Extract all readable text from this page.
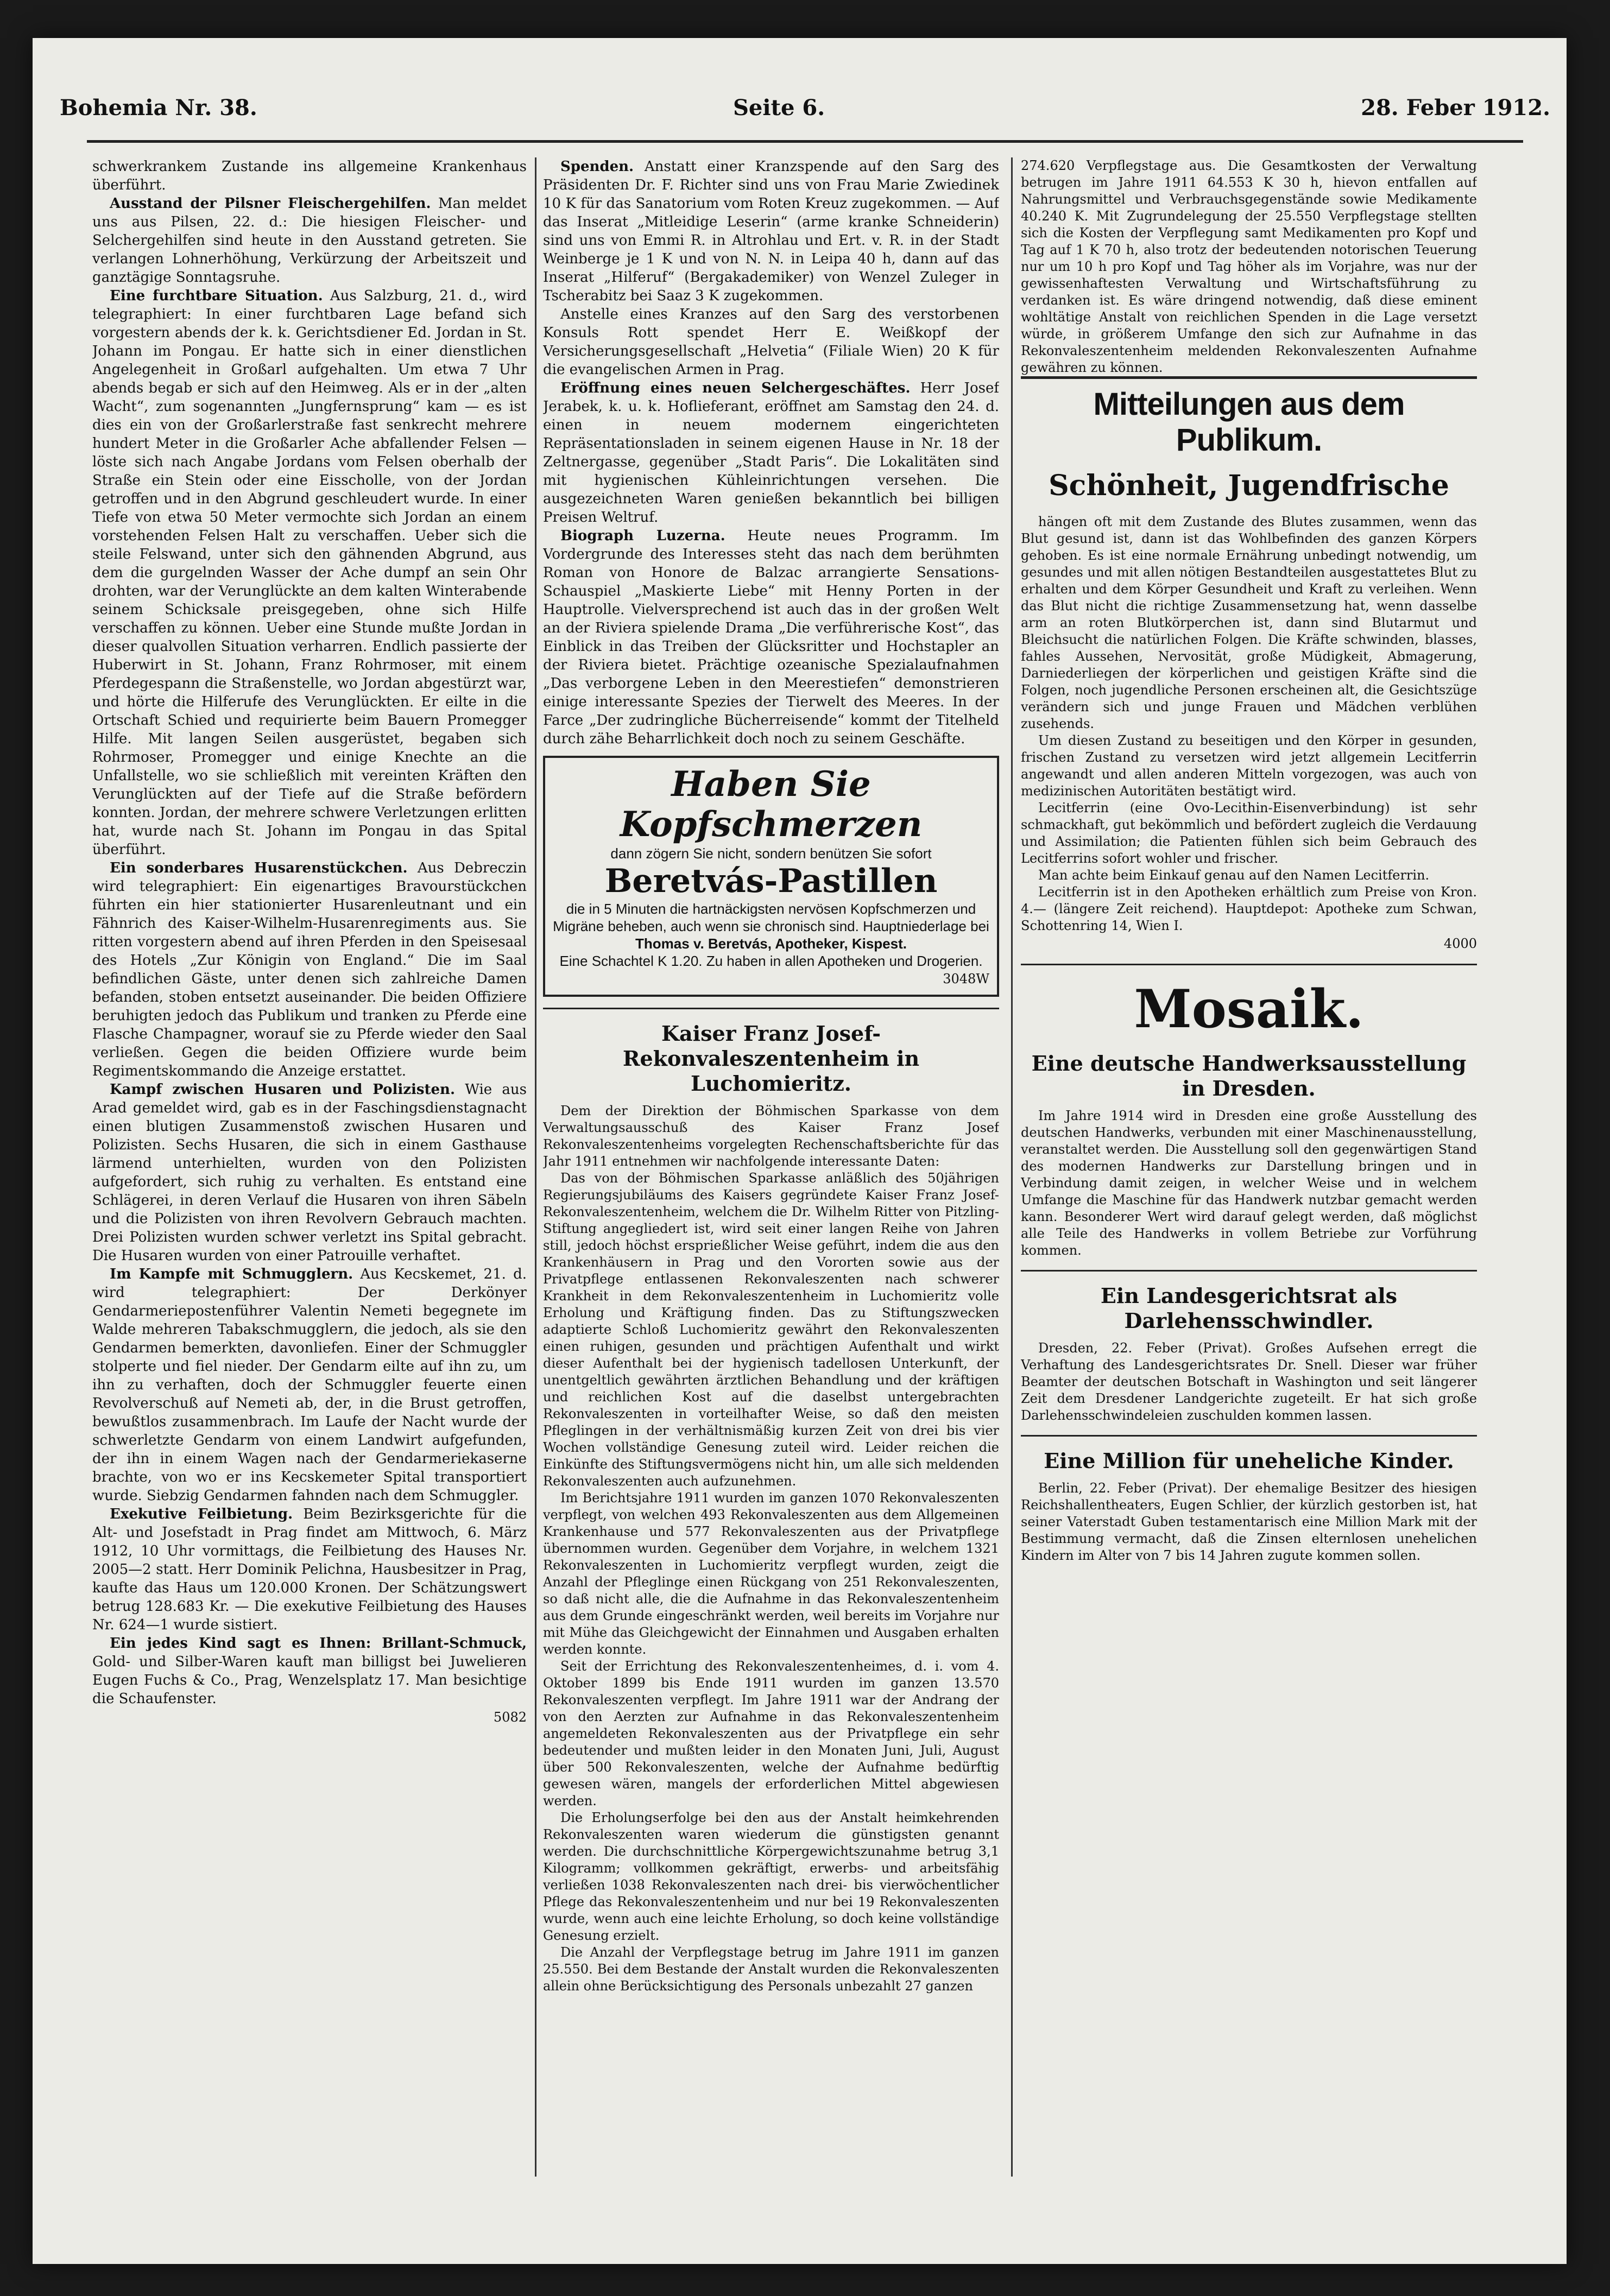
Bohemia Nr. 38.	Seite 6.	28. Feber 1912.

schwerkrankem Zustande ins allgemeine Krankenhaus überführt.

Ausstand der Pilsner Fleischergehilfen. Man meldet uns aus Pilsen, 22. d.: Die hiesigen Fleischer- und Selchergehilfen sind heute in den Ausstand getreten. Sie verlangen Lohnerhöhung, Verkürzung der Arbeitszeit und ganztägige Sonntagsruhe.

Eine furchtbare Situation. Aus Salzburg, 21. d., wird telegraphiert: In einer furchtbaren Lage befand sich vorgestern abends der k. k. Gerichtsdiener Ed. Jordan in St. Johann im Pongau. Er hatte sich in einer dienstlichen Angelegenheit in Großarl aufgehalten. Um etwa 7 Uhr abends begab er sich auf den Heimweg. Als er in der „alten Wacht“, zum sogenannten „Jungfernsprung“ kam — es ist dies ein von der Großarlerstraße fast senkrecht mehrere hundert Meter in die Großarler Ache abfallender Felsen — löste sich nach Angabe Jordans vom Felsen oberhalb der Straße ein Stein oder eine Eisscholle, von der Jordan getroffen und in den Abgrund geschleudert wurde. In einer Tiefe von etwa 50 Meter vermochte sich Jordan an einem vorstehenden Felsen Halt zu verschaffen. Ueber sich die steile Felswand, unter sich den gähnenden Abgrund, aus dem die gurgelnden Wasser der Ache dumpf an sein Ohr drohten, war der Verunglückte an dem kalten Winterabende seinem Schicksale preisgegeben, ohne sich Hilfe verschaffen zu können. Ueber eine Stunde mußte Jordan in dieser qualvollen Situation verharren. Endlich passierte der Huberwirt in St. Johann, Franz Rohrmoser, mit einem Pferdegespann die Straßenstelle, wo Jordan abgestürzt war, und hörte die Hilferufe des Verunglückten. Er eilte in die Ortschaft Schied und requirierte beim Bauern Promegger Hilfe. Mit langen Seilen ausgerüstet, begaben sich Rohrmoser, Promegger und einige Knechte an die Unfallstelle, wo sie schließlich mit vereinten Kräften den Verunglückten auf der Tiefe auf die Straße befördern konnten. Jordan, der mehrere schwere Verletzungen erlitten hat, wurde nach St. Johann im Pongau in das Spital überführt.

Ein sonderbares Husarenstückchen. Aus Debreczin wird telegraphiert: Ein eigenartiges Bravourstückchen führten ein hier stationierter Husarenleutnant und ein Fähnrich des Kaiser-Wilhelm-Husarenregiments aus. Sie ritten vorgestern abend auf ihren Pferden in den Speisesaal des Hotels „Zur Königin von England.“ Die im Saal befindlichen Gäste, unter denen sich zahlreiche Damen befanden, stoben entsetzt auseinander. Die beiden Offiziere beruhigten jedoch das Publikum und tranken zu Pferde eine Flasche Champagner, worauf sie zu Pferde wieder den Saal verließen. Gegen die beiden Offiziere wurde beim Regimentskommando die Anzeige erstattet.

Kampf zwischen Husaren und Polizisten. Wie aus Arad gemeldet wird, gab es in der Faschingsdienstagnacht einen blutigen Zusammenstoß zwischen Husaren und Polizisten. Sechs Husaren, die sich in einem Gasthause lärmend unterhielten, wurden von den Polizisten aufgefordert, sich ruhig zu verhalten. Es entstand eine Schlägerei, in deren Verlauf die Husaren von ihren Säbeln und die Polizisten von ihren Revolvern Gebrauch machten. Drei Polizisten wurden schwer verletzt ins Spital gebracht. Die Husaren wurden von einer Patrouille verhaftet.

Im Kampfe mit Schmugglern. Aus Kecskemet, 21. d. wird telegraphiert: Der Derkönyer Gendarmeriepostenführer Valentin Nemeti begegnete im Walde mehreren Tabakschmugglern, die jedoch, als sie den Gendarmen bemerkten, davonliefen. Einer der Schmuggler stolperte und fiel nieder. Der Gendarm eilte auf ihn zu, um ihn zu verhaften, doch der Schmuggler feuerte einen Revolverschuß auf Nemeti ab, der, in die Brust getroffen, bewußtlos zusammenbrach. Im Laufe der Nacht wurde der schwerletzte Gendarm von einem Landwirt aufgefunden, der ihn in einem Wagen nach der Gendarmeriekaserne brachte, von wo er ins Kecskemeter Spital transportiert wurde. Siebzig Gendarmen fahnden nach dem Schmuggler.

Exekutive Feilbietung. Beim Bezirksgerichte für die Alt- und Josefstadt in Prag findet am Mittwoch, 6. März 1912, 10 Uhr vormittags, die Feilbietung des Hauses Nr. 2005—2 statt. Herr Dominik Pelichna, Hausbesitzer in Prag, kaufte das Haus um 120.000 Kronen. Der Schätzungswert betrug 128.683 Kr. — Die exekutive Feilbietung des Hauses Nr. 624—1 wurde sistiert.

Ein jedes Kind sagt es Ihnen: Brillant-Schmuck, Gold- und Silber-Waren kauft man billigst bei Juwelieren Eugen Fuchs & Co., Prag, Wenzelsplatz 17. Man besichtige die Schaufenster.

5082

Spenden. Anstatt einer Kranzspende auf den Sarg des Präsidenten Dr. F. Richter sind uns von Frau Marie Zwiedinek 10 K für das Sanatorium vom Roten Kreuz zugekommen. — Auf das Inserat „Mitleidige Leserin“ (arme kranke Schneiderin) sind uns von Emmi R. in Altrohlau und Ert. v. R. in der Stadt Weinberge je 1 K und von N. N. in Leipa 40 h, dann auf das Inserat „Hilferuf“ (Bergakademiker) von Wenzel Zuleger in Tscherabitz bei Saaz 3 K zugekommen.

Anstelle eines Kranzes auf den Sarg des verstorbenen Konsuls Rott spendet Herr E. Weißkopf der Versicherungsgesellschaft „Helvetia“ (Filiale Wien) 20 K für die evangelischen Armen in Prag.

Eröffnung eines neuen Selchergeschäftes. Herr Josef Jerabek, k. u. k. Hoflieferant, eröffnet am Samstag den 24. d. einen in neuem modernem eingerichteten Repräsentationsladen in seinem eigenen Hause in Nr. 18 der Zeltnergasse, gegenüber „Stadt Paris“. Die Lokalitäten sind mit hygienischen Kühleinrichtungen versehen. Die ausgezeichneten Waren genießen bekanntlich bei billigen Preisen Weltruf.

Biograph Luzerna. Heute neues Programm. Im Vordergrunde des Interesses steht das nach dem berühmten Roman von Honore de Balzac arrangierte Sensations-Schauspiel „Maskierte Liebe“ mit Henny Porten in der Hauptrolle. Vielversprechend ist auch das in der großen Welt an der Riviera spielende Drama „Die verführerische Kost“, das Einblick in das Treiben der Glücksritter und Hochstapler an der Riviera bietet. Prächtige ozeanische Spezialaufnahmen „Das verborgene Leben in den Meerestiefen“ demonstrieren einige interessante Spezies der Tierwelt des Meeres. In der Farce „Der zudringliche Bücherreisende“ kommt der Titelheld durch zähe Beharrlichkeit doch noch zu seinem Geschäfte.

Haben Sie Kopfschmerzen
dann zögern Sie nicht, sondern benützen Sie sofort
Beretvás-Pastillen
die in 5 Minuten die hartnäckigsten nervösen Kopfschmerzen und Migräne beheben, auch wenn sie chronisch sind. Hauptniederlage bei
Thomas v. Beretvás, Apotheker, Kispest.
Eine Schachtel K 1.20. Zu haben in allen Apotheken und Drogerien.
3048W
Kaiser Franz Josef-Rekonvaleszentenheim in Luchomieritz.

Dem der Direktion der Böhmischen Sparkasse von dem Verwaltungsausschuß des Kaiser Franz Josef Rekonvaleszentenheims vorgelegten Rechenschaftsberichte für das Jahr 1911 entnehmen wir nachfolgende interessante Daten:

Das von der Böhmischen Sparkasse anläßlich des 50jährigen Regierungsjubiläums des Kaisers gegründete Kaiser Franz Josef-Rekonvaleszentenheim, welchem die Dr. Wilhelm Ritter von Pitzling-Stiftung angegliedert ist, wird seit einer langen Reihe von Jahren still, jedoch höchst ersprießlicher Weise geführt, indem die aus den Krankenhäusern in Prag und den Vororten sowie aus der Privatpflege entlassenen Rekonvaleszenten nach schwerer Krankheit in dem Rekonvaleszentenheim in Luchomieritz volle Erholung und Kräftigung finden. Das zu Stiftungszwecken adaptierte Schloß Luchomieritz gewährt den Rekonvaleszenten einen ruhigen, gesunden und prächtigen Aufenthalt und wirkt dieser Aufenthalt bei der hygienisch tadellosen Unterkunft, der unentgeltlich gewährten ärztlichen Behandlung und der kräftigen und reichlichen Kost auf die daselbst untergebrachten Rekonvaleszenten in vorteilhafter Weise, so daß den meisten Pfleglingen in der verhältnismäßig kurzen Zeit von drei bis vier Wochen vollständige Genesung zuteil wird. Leider reichen die Einkünfte des Stiftungsvermögens nicht hin, um alle sich meldenden Rekonvaleszenten auch aufzunehmen.

Im Berichtsjahre 1911 wurden im ganzen 1070 Rekonvaleszenten verpflegt, von welchen 493 Rekonvaleszenten aus dem Allgemeinen Krankenhause und 577 Rekonvaleszenten aus der Privatpflege übernommen wurden. Gegenüber dem Vorjahre, in welchem 1321 Rekonvaleszenten in Luchomieritz verpflegt wurden, zeigt die Anzahl der Pfleglinge einen Rückgang von 251 Rekonvaleszenten, so daß nicht alle, die die Aufnahme in das Rekonvaleszentenheim aus dem Grunde eingeschränkt werden, weil bereits im Vorjahre nur mit Mühe das Gleichgewicht der Einnahmen und Ausgaben erhalten werden konnte.

Seit der Errichtung des Rekonvaleszentenheimes, d. i. vom 4. Oktober 1899 bis Ende 1911 wurden im ganzen 13.570 Rekonvaleszenten verpflegt. Im Jahre 1911 war der Andrang der von den Aerzten zur Aufnahme in das Rekonvaleszentenheim angemeldeten Rekonvaleszenten aus der Privatpflege ein sehr bedeutender und mußten leider in den Monaten Juni, Juli, August über 500 Rekonvaleszenten, welche der Aufnahme bedürftig gewesen wären, mangels der erforderlichen Mittel abgewiesen werden.

Die Erholungserfolge bei den aus der Anstalt heimkehrenden Rekonvaleszenten waren wiederum die günstigsten genannt werden. Die durchschnittliche Körpergewichtszunahme betrug 3,1 Kilogramm; vollkommen gekräftigt, erwerbs- und arbeitsfähig verließen 1038 Rekonvaleszenten nach drei- bis vierwöchentlicher Pflege das Rekonvaleszentenheim und nur bei 19 Rekonvaleszenten wurde, wenn auch eine leichte Erholung, so doch keine vollständige Genesung erzielt.

Die Anzahl der Verpflegstage betrug im Jahre 1911 im ganzen 25.550. Bei dem Bestande der Anstalt wurden die Rekonvaleszenten allein ohne Berücksichtigung des Personals unbezahlt 27 ganzen

274.620 Verpflegstage aus. Die Gesamtkosten der Verwaltung betrugen im Jahre 1911 64.553 K 30 h, hievon entfallen auf Nahrungsmittel und Verbrauchsgegenstände sowie Medikamente 40.240 K. Mit Zugrundelegung der 25.550 Verpflegstage stellten sich die Kosten der Verpflegung samt Medikamenten pro Kopf und Tag auf 1 K 70 h, also trotz der bedeutenden notorischen Teuerung nur um 10 h pro Kopf und Tag höher als im Vorjahre, was nur der gewissenhaftesten Verwaltung und Wirtschaftsführung zu verdanken ist. Es wäre dringend notwendig, daß diese eminent wohltätige Anstalt von reichlichen Spenden in die Lage versetzt würde, in größerem Umfange den sich zur Aufnahme in das Rekonvaleszentenheim meldenden Rekonvaleszenten Aufnahme gewähren zu können.

Mitteilungen aus dem Publikum.
Schönheit, Jugendfrische

hängen oft mit dem Zustande des Blutes zusammen, wenn das Blut gesund ist, dann ist das Wohlbefinden des ganzen Körpers gehoben. Es ist eine normale Ernährung unbedingt notwendig, um gesundes und mit allen nötigen Bestandteilen ausgestattetes Blut zu erhalten und dem Körper Gesundheit und Kraft zu verleihen. Wenn das Blut nicht die richtige Zusammensetzung hat, wenn dasselbe arm an roten Blutkörperchen ist, dann sind Blutarmut und Bleichsucht die natürlichen Folgen. Die Kräfte schwinden, blasses, fahles Aussehen, Nervosität, große Müdigkeit, Abmagerung, Darniederliegen der körperlichen und geistigen Kräfte sind die Folgen, noch jugendliche Personen erscheinen alt, die Gesichtszüge verändern sich und junge Frauen und Mädchen verblühen zusehends.

Um diesen Zustand zu beseitigen und den Körper in gesunden, frischen Zustand zu versetzen wird jetzt allgemein Lecitferrin angewandt und allen anderen Mitteln vorgezogen, was auch von medizinischen Autoritäten bestätigt wird.

Lecitferrin (eine Ovo-Lecithin-Eisenverbindung) ist sehr schmackhaft, gut bekömmlich und befördert zugleich die Verdauung und Assimilation; die Patienten fühlen sich beim Gebrauch des Lecitferrins sofort wohler und frischer.

Man achte beim Einkauf genau auf den Namen Lecitferrin.

Lecitferrin ist in den Apotheken erhältlich zum Preise von Kron. 4.— (längere Zeit reichend). Hauptdepot: Apotheke zum Schwan, Schottenring 14, Wien I.

4000
Mosaik.
Eine deutsche Handwerksausstellung in Dresden.

Im Jahre 1914 wird in Dresden eine große Ausstellung des deutschen Handwerks, verbunden mit einer Maschinenausstellung, veranstaltet werden. Die Ausstellung soll den gegenwärtigen Stand des modernen Handwerks zur Darstellung bringen und in Verbindung damit zeigen, in welcher Weise und in welchem Umfange die Maschine für das Handwerk nutzbar gemacht werden kann. Besonderer Wert wird darauf gelegt werden, daß möglichst alle Teile des Handwerks in vollem Betriebe zur Vorführung kommen.

Ein Landesgerichtsrat als Darlehensschwindler.

Dresden, 22. Feber (Privat). Großes Aufsehen erregt die Verhaftung des Landesgerichtsrates Dr. Snell. Dieser war früher Beamter der deutschen Botschaft in Washington und seit längerer Zeit dem Dresdener Landgerichte zugeteilt. Er hat sich große Darlehensschwindeleien zuschulden kommen lassen.

Eine Million für uneheliche Kinder.

Berlin, 22. Feber (Privat). Der ehemalige Besitzer des hiesigen Reichshallentheaters, Eugen Schlier, der kürzlich gestorben ist, hat seiner Vaterstadt Guben testamentarisch eine Million Mark mit der Bestimmung vermacht, daß die Zinsen elternlosen unehelichen Kindern im Alter von 7 bis 14 Jahren zugute kommen sollen.
